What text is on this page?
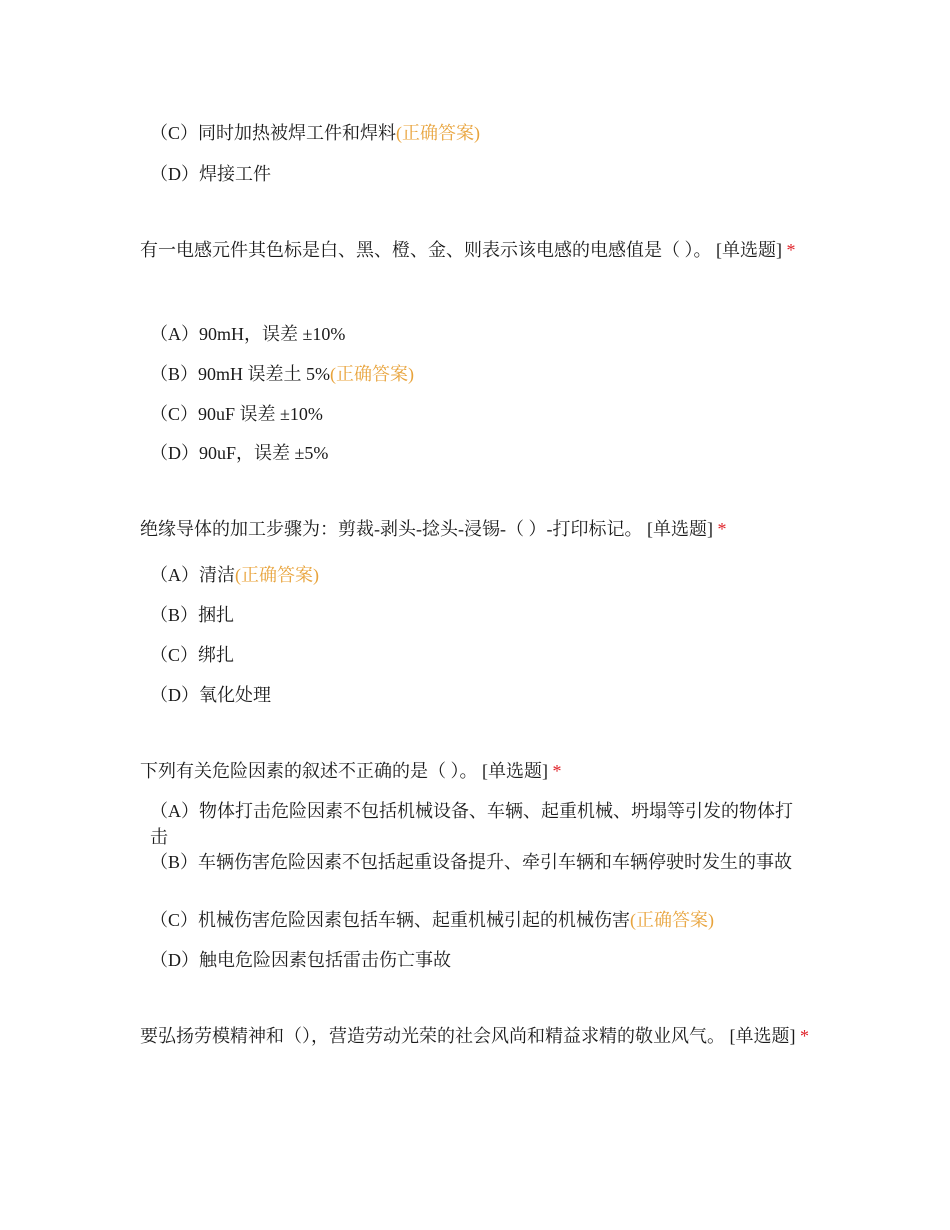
（C）同时加热被焊工件和焊料(正确答案)
（D）焊接工件
有一电感元件其色标是白、黑、橙、金、则表示该电感的电感值是（ ）。 [单选题] *
（A）90mH，误差 ±10%
（B）90mH 误差土 5%(正确答案)
（C）90uF 误差 ±10%
（D）90uF，误差 ±5%
绝缘导体的加工步骤为：剪裁-剥头-捻头-浸锡-（ ）-打印标记。 [单选题] *
（A）清洁(正确答案)
（B）捆扎
（C）绑扎
（D）氧化处理
下列有关危险因素的叙述不正确的是（ ）。 [单选题] *
（A）物体打击危险因素不包括机械设备、车辆、起重机械、坍塌等引发的物体打击
（B）车辆伤害危险因素不包括起重设备提升、牵引车辆和车辆停驶时发生的事故
（C）机械伤害危险因素包括车辆、起重机械引起的机械伤害(正确答案)
（D）触电危险因素包括雷击伤亡事故
要弘扬劳模精神和（），营造劳动光荣的社会风尚和精益求精的敬业风气。 [单选题] *
